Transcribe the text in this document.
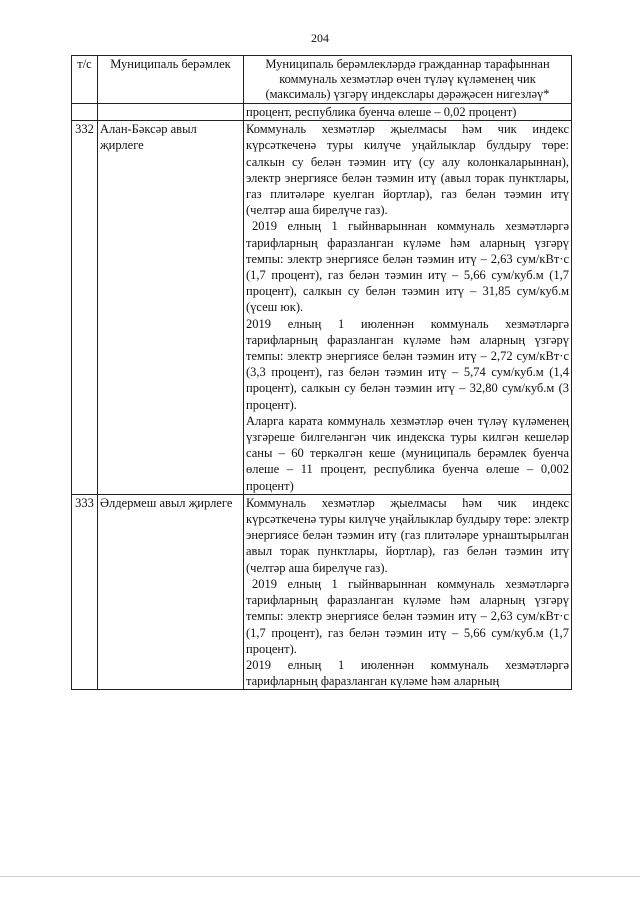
204
т/с	Муниципаль берәмлек	Муниципаль берәмлекләрдә гражданнар тарафыннан коммуналь хезмәтләр өчен түләү күләменең чик (максималь) үзгәрү индекслары дәрәҗәсен нигезләү*

		процент, республика буенча өлеше – 0,02 процент)

332	Алан-Бәксәр авыл җирлеге	Коммуналь хезмәтләр җыелмасы һәм чик индекс күрсәткеченә туры килүче уңайлыклар булдыру төре: салкын су белән тәэмин итү (су алу колонкаларыннан), электр энергиясе белән тәэмин итү (авыл торак пунктлары, газ плитәләре куелган йортлар), газ белән тәэмин итү (челтәр аша бирелүче газ).
2019 елның 1 гыйнварыннан коммуналь хезмәтләргә тарифларның фаразланган күләме һәм аларның үзгәрү темпы: электр энергиясе белән тәэмин итү – 2,63 сум/кВт·с (1,7 процент), газ белән тәэмин итү – 5,66 сум/куб.м (1,7 процент), салкын су белән тәэмин итү – 31,85 сум/куб.м (үсеш юк).
2019 елның 1 июленнән коммуналь хезмәтләргә тарифларның фаразланган күләме һәм аларның үзгәрү темпы: электр энергиясе белән тәэмин итү – 2,72 сум/кВт·с (3,3 процент), газ белән тәэмин итү – 5,74 сум/куб.м (1,4 процент), салкын су белән тәэмин итү – 32,80 сум/куб.м (3 процент).
Аларга карата коммуналь хезмәтләр өчен түләү күләменең үзгәреше билгеләнгән чик индекска туры килгән кешеләр саны – 60 теркәлгән кеше (муниципаль берәмлек буенча өлеше – 11 процент, республика буенча өлеше – 0,002 процент)

333	Әлдермеш авыл җирлеге	Коммуналь хезмәтләр җыелмасы һәм чик индекс күрсәткеченә туры килүче уңайлыклар булдыру төре: электр энергиясе белән тәэмин итү (газ плитәләре урнаштырылган авыл торак пунктлары, йортлар), газ белән тәэмин итү (челтәр аша бирелүче газ).
2019 елның 1 гыйнварыннан коммуналь хезмәтләргә тарифларның фаразланган күләме һәм аларның үзгәрү темпы: электр энергиясе белән тәэмин итү – 2,63 сум/кВт·с (1,7 процент), газ белән тәэмин итү – 5,66 сум/куб.м (1,7 процент).
2019 елның 1 июленнән коммуналь хезмәтләргә тарифларның фаразланган күләме һәм аларның
